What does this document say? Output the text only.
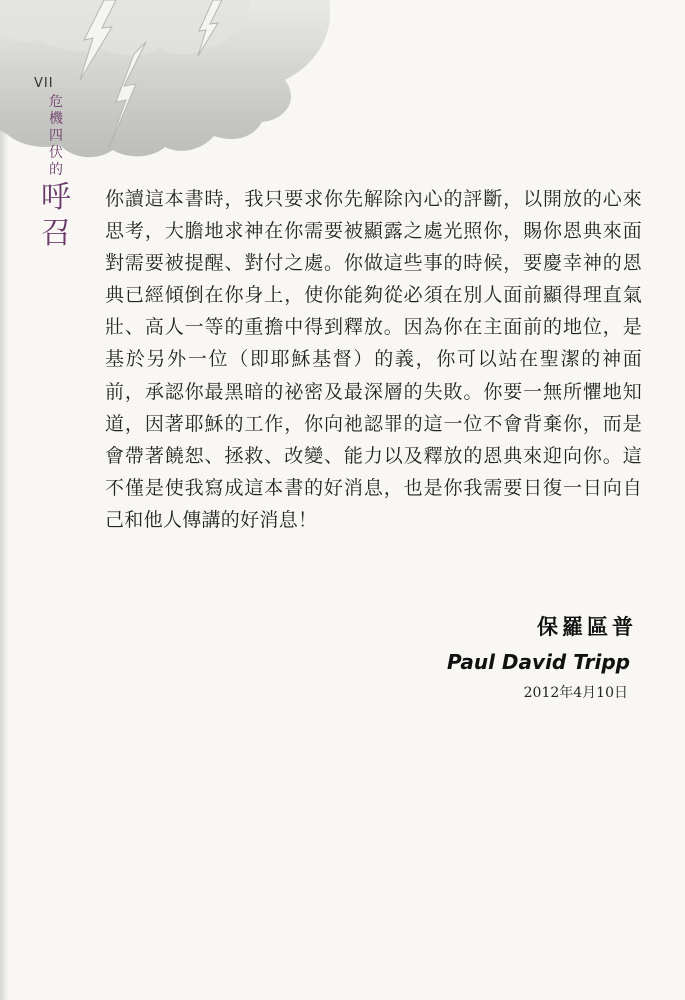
VII

危機四伏的

呼召

你讀這本書時，我只要求你先解除內心的評斷，以開放的心來思考，大膽地求神在你需要被顯露之處光照你，賜你恩典來面對需要被提醒、對付之處。你做這些事的時候，要慶幸神的恩典已經傾倒在你身上，使你能夠從必須在別人面前顯得理直氣壯、高人一等的重擔中得到釋放。因為你在主面前的地位，是基於另外一位（即耶穌基督）的義，你可以站在聖潔的神面前，承認你最黑暗的祕密及最深層的失敗。你要一無所懼地知道，因著耶穌的工作，你向祂認罪的這一位不會背棄你，而是會帶著饒恕、拯救、改變、能力以及釋放的恩典來迎向你。這不僅是使我寫成這本書的好消息，也是你我需要日復一日向自己和他人傳講的好消息！

保羅區普

Paul David Tripp

2012年4月10日
